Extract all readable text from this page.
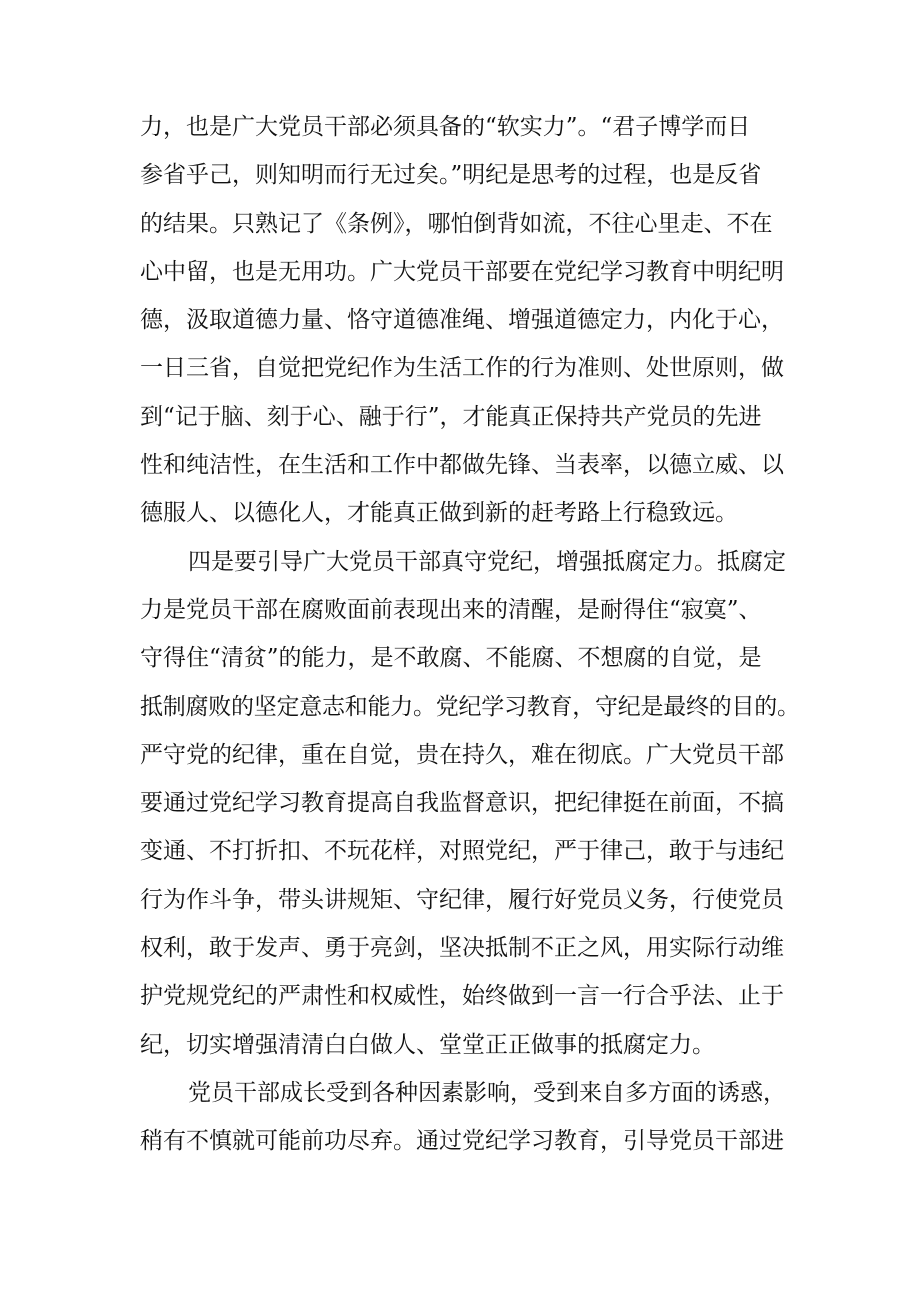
力，也是广大党员干部必须具备的“软实力”。“君子博学而日
参省乎己，则知明而行无过矣。”明纪是思考的过程，也是反省
的结果。只熟记了《条例》，哪怕倒背如流，不往心里走、不在
心中留，也是无用功。广大党员干部要在党纪学习教育中明纪明
德，汲取道德力量、恪守道德准绳、增强道德定力，内化于心，
一日三省，自觉把党纪作为生活工作的行为准则、处世原则，做
到“记于脑、刻于心、融于行”，才能真正保持共产党员的先进
性和纯洁性，在生活和工作中都做先锋、当表率，以德立威、以
德服人、以德化人，才能真正做到新的赶考路上行稳致远。
四是要引导广大党员干部真守党纪，增强抵腐定力。抵腐定
力是党员干部在腐败面前表现出来的清醒，是耐得住“寂寞”、
守得住“清贫”的能力，是不敢腐、不能腐、不想腐的自觉，是
抵制腐败的坚定意志和能力。党纪学习教育，守纪是最终的目的。
严守党的纪律，重在自觉，贵在持久，难在彻底。广大党员干部
要通过党纪学习教育提高自我监督意识，把纪律挺在前面，不搞
变通、不打折扣、不玩花样，对照党纪，严于律己，敢于与违纪
行为作斗争，带头讲规矩、守纪律，履行好党员义务，行使党员
权利，敢于发声、勇于亮剑，坚决抵制不正之风，用实际行动维
护党规党纪的严肃性和权威性，始终做到一言一行合乎法、止于
纪，切实增强清清白白做人、堂堂正正做事的抵腐定力。
党员干部成长受到各种因素影响，受到来自多方面的诱惑，
稍有不慎就可能前功尽弃。通过党纪学习教育，引导党员干部进
